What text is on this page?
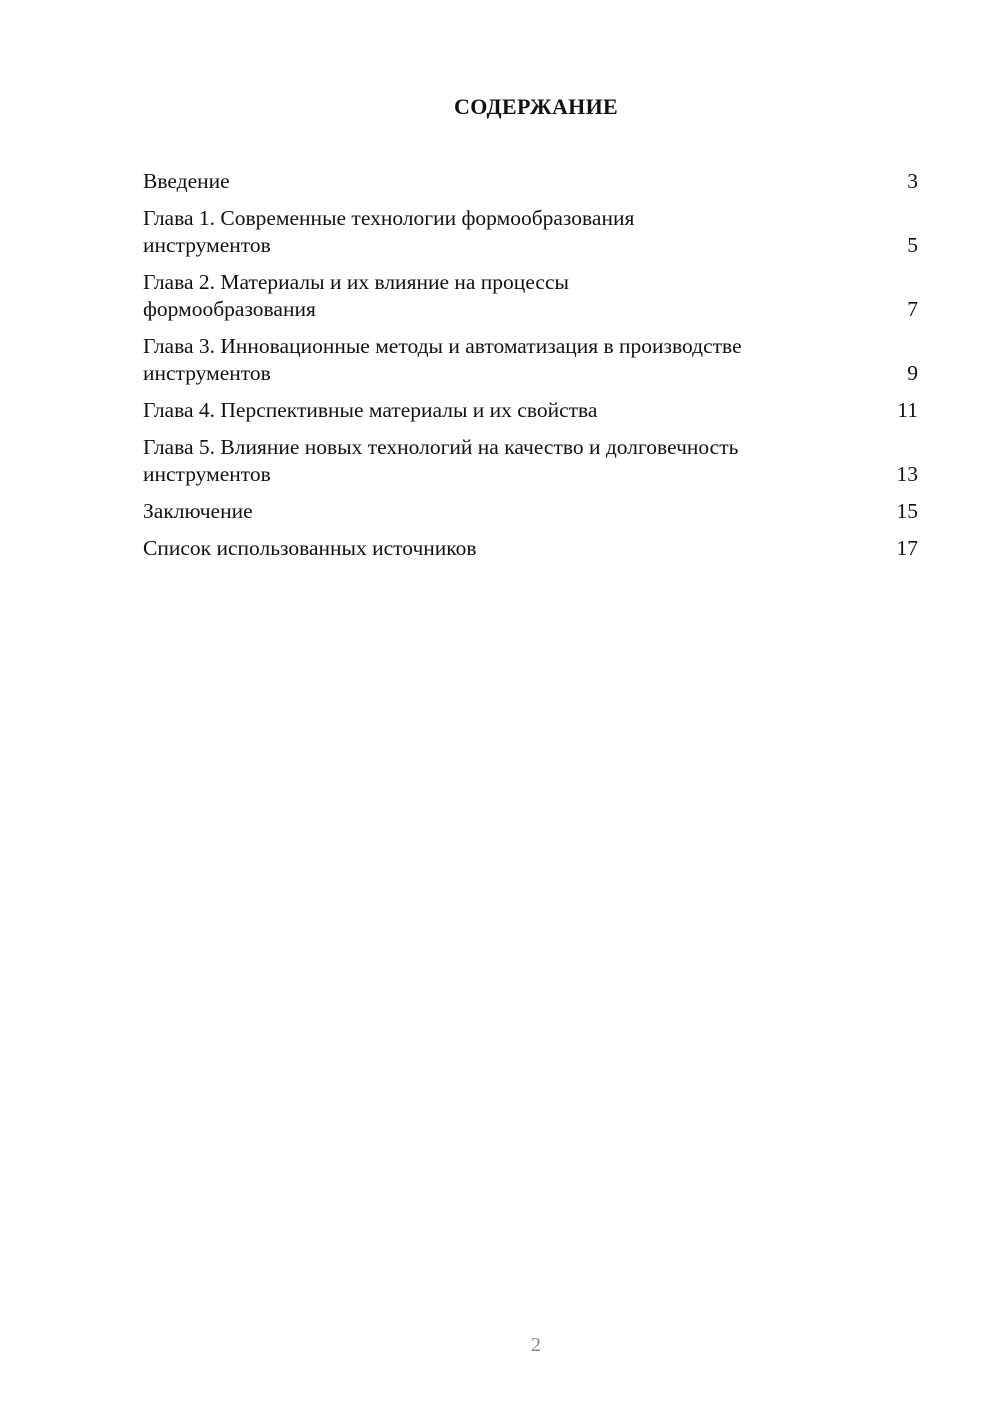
СОДЕРЖАНИЕ
Введение	3
Глава 1. Современные технологии формообразования инструментов	5
Глава 2. Материалы и их влияние на процессы формообразования	7
Глава 3. Инновационные методы и автоматизация в производстве инструментов	9
Глава 4. Перспективные материалы и их свойства	11
Глава 5. Влияние новых технологий на качество и долговечность инструментов	13
Заключение	15
Список использованных источников	17
2
